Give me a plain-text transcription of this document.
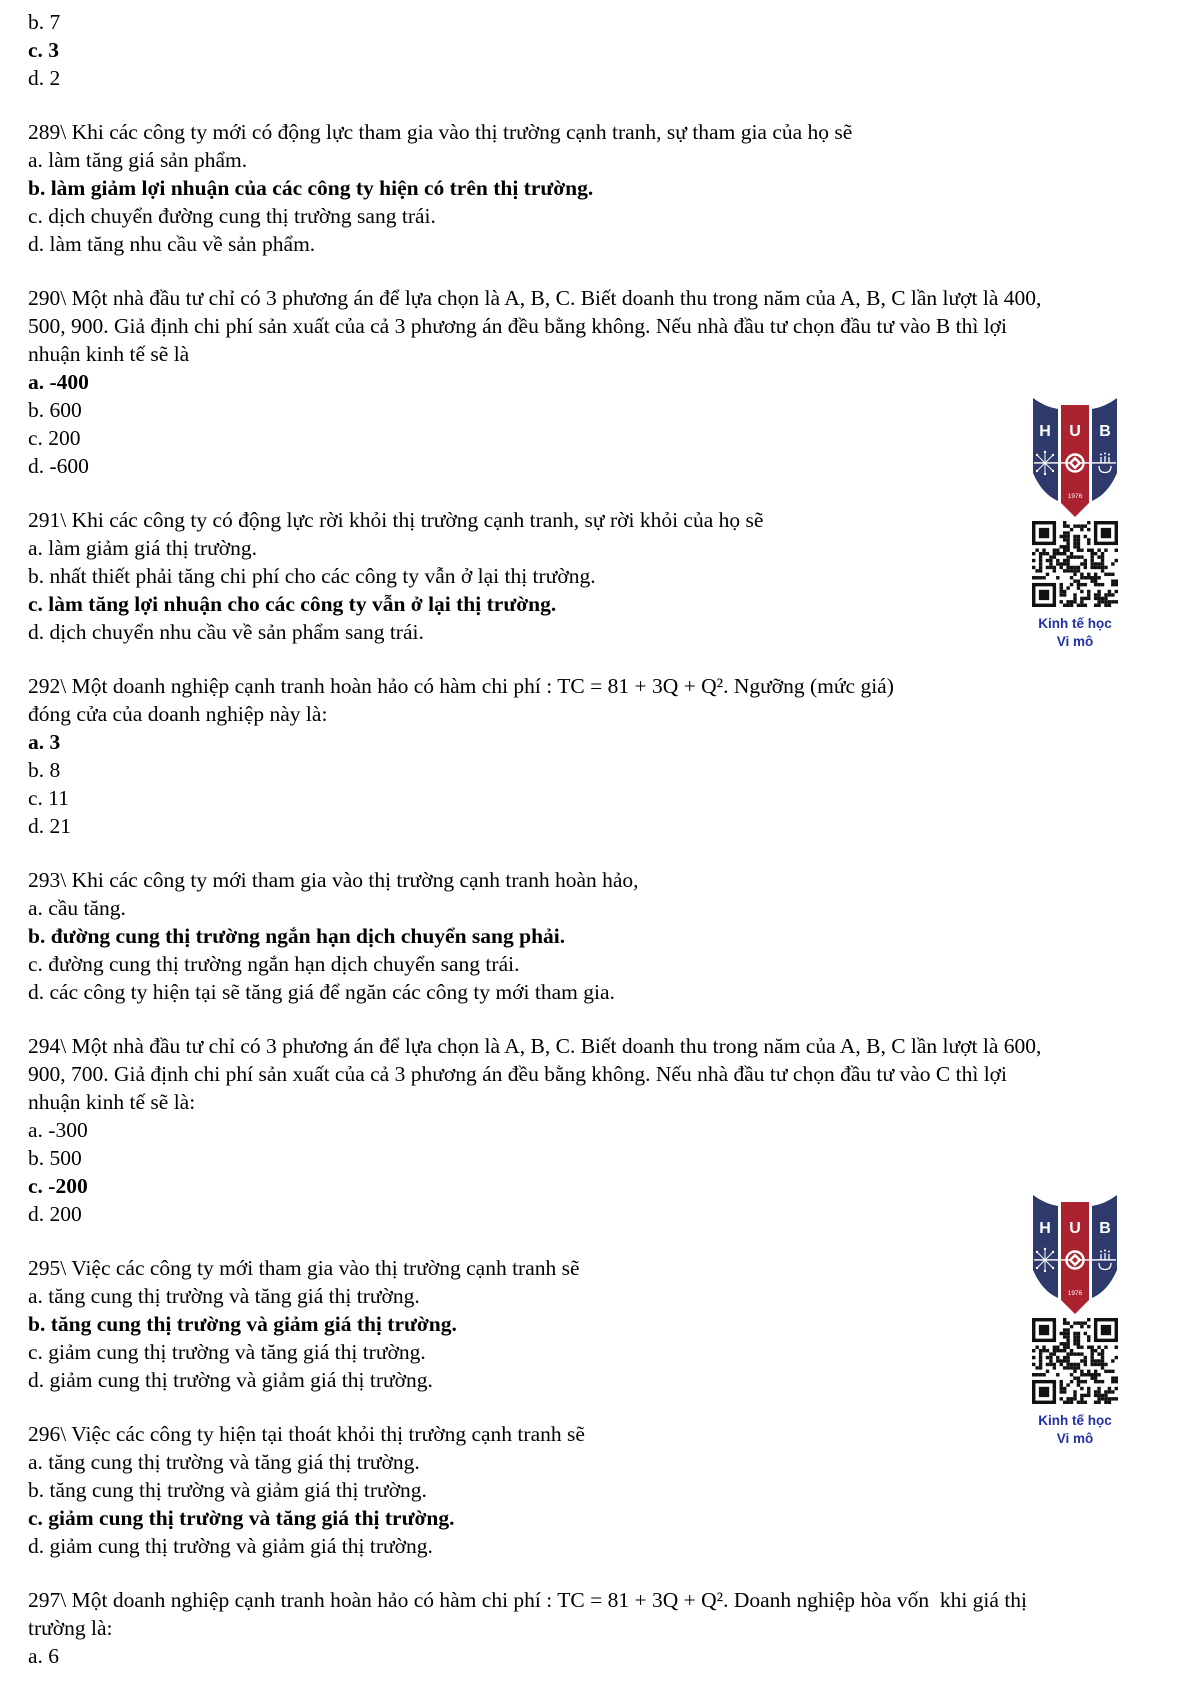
b. 7
c. 3
d. 2
289\ Khi các công ty mới có động lực tham gia vào thị trường cạnh tranh, sự tham gia của họ sẽ
a. làm tăng giá sản phẩm.
b. làm giảm lợi nhuận của các công ty hiện có trên thị trường.
c. dịch chuyển đường cung thị trường sang trái.
d. làm tăng nhu cầu về sản phẩm.
290\ Một nhà đầu tư chỉ có 3 phương án để lựa chọn là A, B, C. Biết doanh thu trong năm của A, B, C lần lượt là 400,
500, 900. Giả định chi phí sản xuất của cả 3 phương án đều bằng không. Nếu nhà đầu tư chọn đầu tư vào B thì lợi
nhuận kinh tế sẽ là
a. -400
b. 600
c. 200
d. -600
291\ Khi các công ty có động lực rời khỏi thị trường cạnh tranh, sự rời khỏi của họ sẽ
a. làm giảm giá thị trường.
b. nhất thiết phải tăng chi phí cho các công ty vẫn ở lại thị trường.
c. làm tăng lợi nhuận cho các công ty vẫn ở lại thị trường.
d. dịch chuyển nhu cầu về sản phẩm sang trái.
292\ Một doanh nghiệp cạnh tranh hoàn hảo có hàm chi phí : TC = 81 + 3Q + Q². Ngưỡng (mức giá)
đóng cửa của doanh nghiệp này là:
a. 3
b. 8
c. 11
d. 21
293\ Khi các công ty mới tham gia vào thị trường cạnh tranh hoàn hảo,
a. cầu tăng.
b. đường cung thị trường ngắn hạn dịch chuyển sang phải.
c. đường cung thị trường ngắn hạn dịch chuyển sang trái.
d. các công ty hiện tại sẽ tăng giá để ngăn các công ty mới tham gia.
294\ Một nhà đầu tư chỉ có 3 phương án để lựa chọn là A, B, C. Biết doanh thu trong năm của A, B, C lần lượt là 600,
900, 700. Giả định chi phí sản xuất của cả 3 phương án đều bằng không. Nếu nhà đầu tư chọn đầu tư vào C thì lợi
nhuận kinh tế sẽ là:
a. -300
b. 500
c. -200
d. 200
295\ Việc các công ty mới tham gia vào thị trường cạnh tranh sẽ
a. tăng cung thị trường và tăng giá thị trường.
b. tăng cung thị trường và giảm giá thị trường.
c. giảm cung thị trường và tăng giá thị trường.
d. giảm cung thị trường và giảm giá thị trường.
296\ Việc các công ty hiện tại thoát khỏi thị trường cạnh tranh sẽ
a. tăng cung thị trường và tăng giá thị trường.
b. tăng cung thị trường và giảm giá thị trường.
c. giảm cung thị trường và tăng giá thị trường.
d. giảm cung thị trường và giảm giá thị trường.
297\ Một doanh nghiệp cạnh tranh hoàn hảo có hàm chi phí : TC = 81 + 3Q + Q². Doanh nghiệp hòa vốn  khi giá thị
trường là:
a. 6
H U B
1976
Kinh tế học
Vi mô
H U B
1976
Kinh tế học
Vi mô
